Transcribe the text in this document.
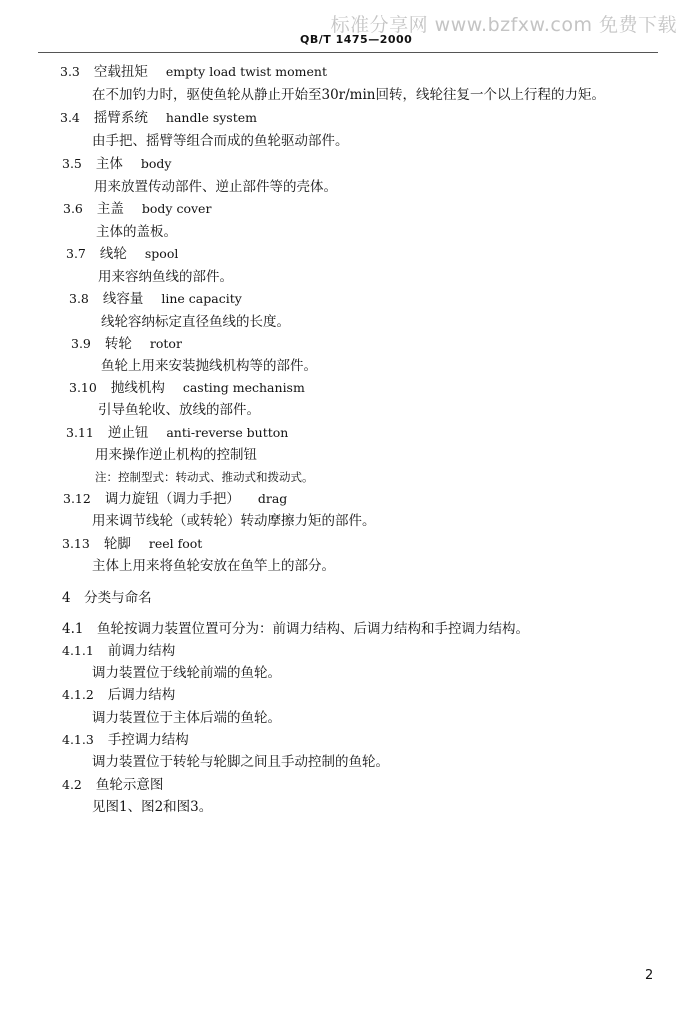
标准分享网 www.bzfxw.com 免费下载
QB/T 1475—2000
3.3 空载扭矩 empty load twist moment
在不加钓力时，驱使鱼轮从静止开始至30r/min回转，线轮往复一个以上行程的力矩。
3.4 摇臂系统 handle system
由手把、摇臂等组合而成的鱼轮驱动部件。
3.5 主体 body
用来放置传动部件、逆止部件等的壳体。
3.6 主盖 body cover
主体的盖板。
3.7 线轮 spool
用来容纳鱼线的部件。
3.8 线容量 line capacity
线轮容纳标定直径鱼线的长度。
3.9 转轮 rotor
鱼轮上用来安装抛线机构等的部件。
3.10 抛线机构 casting mechanism
引导鱼轮收、放线的部件。
3.11 逆止钮 anti-reverse button
用来操作逆止机构的控制钮
注：控制型式：转动式、推动式和拨动式。
3.12 调力旋钮（调力手把） drag
用来调节线轮（或转轮）转动摩擦力矩的部件。
3.13 轮脚 reel foot
主体上用来将鱼轮安放在鱼竿上的部分。
4　分类与命名
4.1　鱼轮按调力装置位置可分为：前调力结构、后调力结构和手控调力结构。
4.1.1 前调力结构
调力装置位于线轮前端的鱼轮。
4.1.2 后调力结构
调力装置位于主体后端的鱼轮。
4.1.3 手控调力结构
调力装置位于转轮与轮脚之间且手动控制的鱼轮。
4.2 鱼轮示意图
见图1、图2和图3。
2
